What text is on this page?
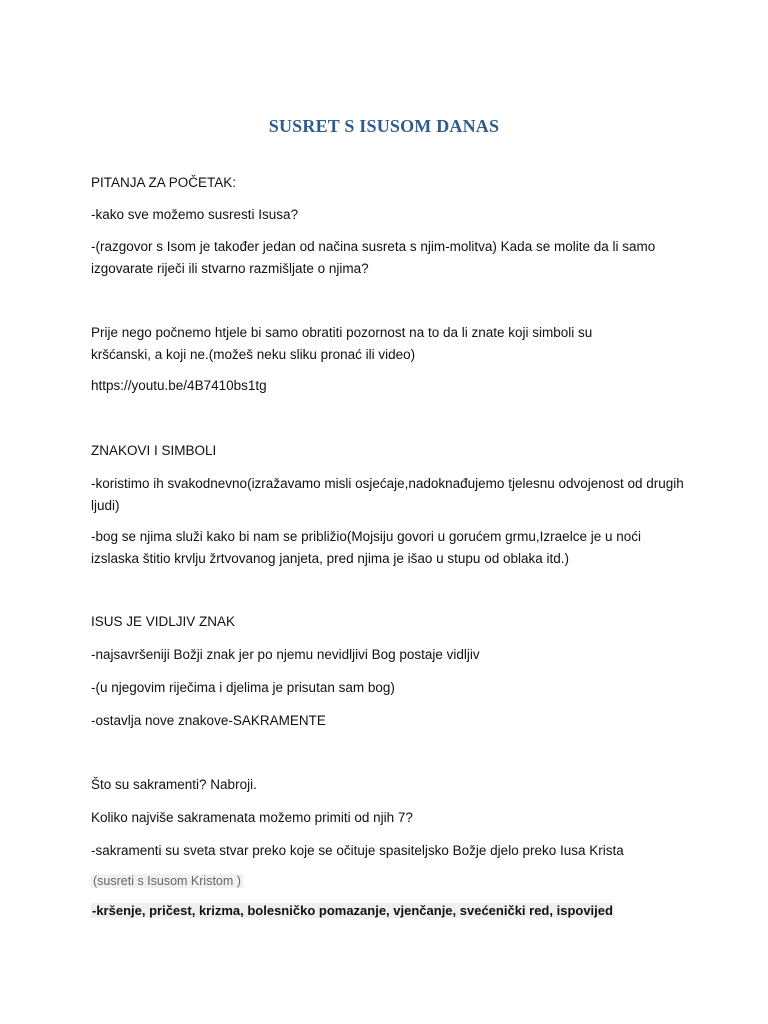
SUSRET S ISUSOM DANAS
PITANJA ZA POČETAK:
-kako sve možemo susresti Isusa?
-(razgovor s Isom je također jedan od načina susreta s njim-molitva) Kada se molite da li samo izgovarate riječi ili stvarno razmišljate o njima?
Prije nego počnemo htjele bi samo obratiti pozornost na to da li znate koji simboli su kršćanski, a koji ne.(možeš neku sliku pronać ili video)
https://youtu.be/4B7410bs1tg
ZNAKOVI I SIMBOLI
-koristimo ih svakodnevno(izražavamo misli osjećaje,nadoknađujemo tjelesnu odvojenost od drugih ljudi)
-bog se njima služi kako bi nam se približio(Mojsiju govori u gorućem grmu,Izraelce je u noći izslaska štitio krvlju žrtvovanog janjeta, pred njima je išao u stupu od oblaka itd.)
ISUS JE VIDLJIV ZNAK
-najsavršeniji Božji znak jer po njemu nevidljivi Bog postaje vidljiv
-(u njegovim riječima i djelima je prisutan sam bog)
-ostavlja nove znakove-SAKRAMENTE
Što su sakramenti? Nabroji.
Koliko najviše sakramenata možemo primiti od njih 7?
-sakramenti su sveta stvar preko koje se očituje spasiteljsko Božje djelo preko Iusa Krista
(susreti s Isusom Kristom )
-kršenje, pričest, krizma, bolesničko pomazanje, vjenčanje, svećenički red, ispovijed
